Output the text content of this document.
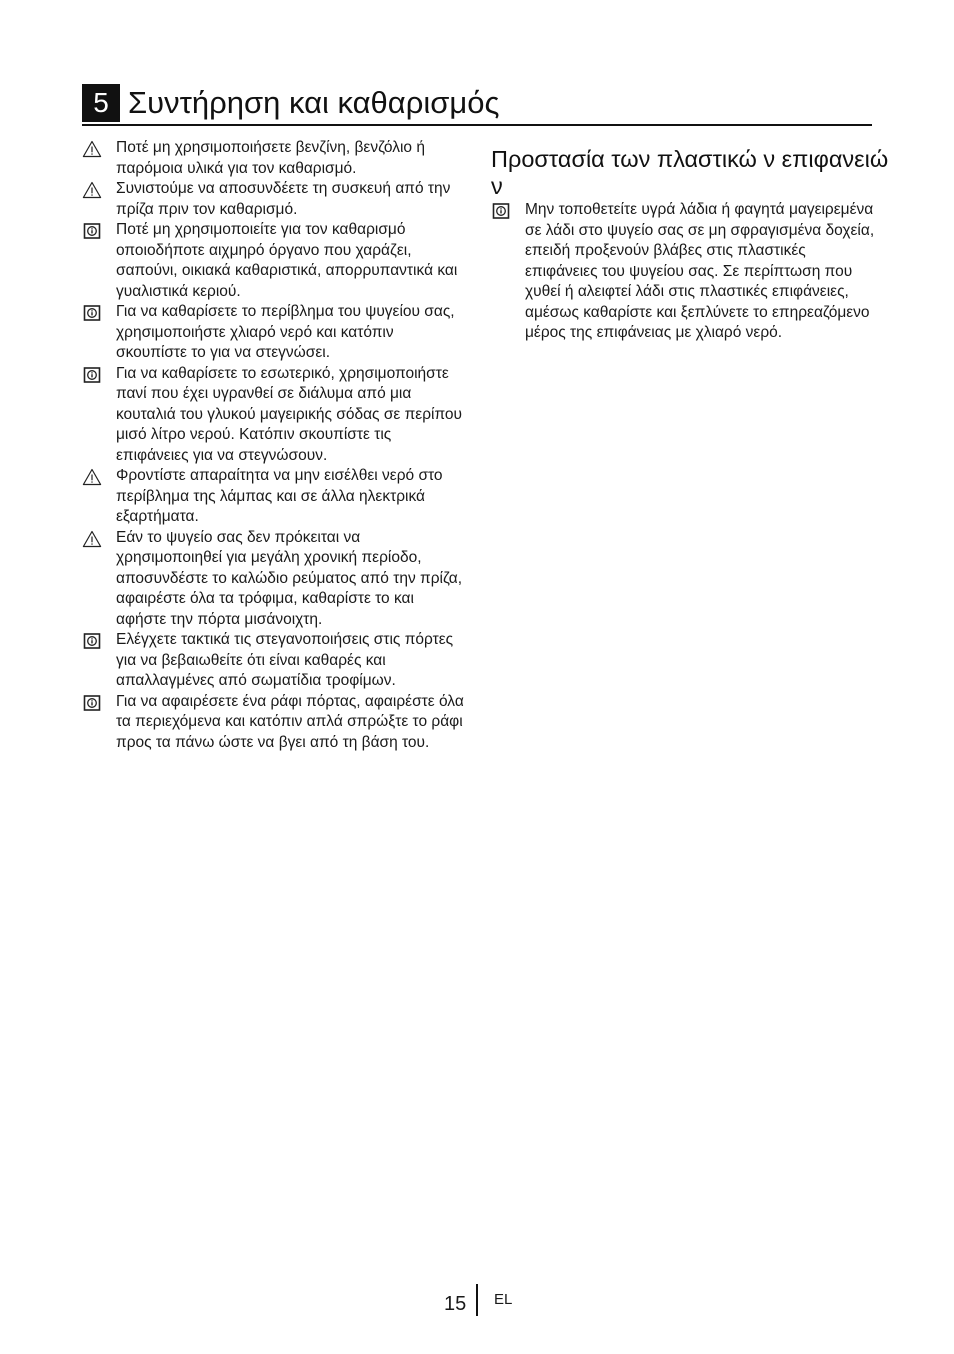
5 Συντήρηση και καθαρισμός
Ποτέ μη χρησιμοποιήσετε βενζίνη, βενζόλιο ή παρόμοια υλικά για τον καθαρισμό.
Συνιστούμε να αποσυνδέετε τη συσκευή από την πρίζα πριν τον καθαρισμό.
Ποτέ μη χρησιμοποιείτε για τον καθαρισμό οποιοδήποτε αιχμηρό όργανο που χαράζει, σαπούνι, οικιακά καθαριστικά, απορρυπαντικά και γυαλιστικά κεριού.
Για να καθαρίσετε το περίβλημα του ψυγείου σας, χρησιμοποιήστε χλιαρό νερό και κατόπιν σκουπίστε το για να στεγνώσει.
Για να καθαρίσετε το εσωτερικό, χρησιμοποιήστε πανί που έχει υγρανθεί σε διάλυμα από μια κουταλιά του γλυκού μαγειρικής σόδας σε περίπου μισό λίτρο νερού. Κατόπιν σκουπίστε τις επιφάνειες για να στεγνώσουν.
Φροντίστε απαραίτητα να μην εισέλθει νερό στο περίβλημα της λάμπας και σε άλλα ηλεκτρικά εξαρτήματα.
Εάν το ψυγείο σας δεν πρόκειται να χρησιμοποιηθεί για μεγάλη χρονική περίοδο, αποσυνδέστε το καλώδιο ρεύματος από την πρίζα, αφαιρέστε όλα τα τρόφιμα, καθαρίστε το και αφήστε την πόρτα μισάνοιχτη.
Ελέγχετε τακτικά τις στεγανοποιήσεις στις πόρτες για να βεβαιωθείτε ότι είναι καθαρές και απαλλαγμένες από σωματίδια τροφίμων.
Για να αφαιρέσετε ένα ράφι πόρτας, αφαιρέστε όλα τα περιεχόμενα και κατόπιν απλά σπρώξτε το ράφι προς τα πάνω ώστε να βγει από τη βάση του.
Προστασία των πλαστικώ ν επιφανειώ ν
Μην τοποθετείτε υγρά λάδια ή φαγητά μαγειρεμένα σε λάδι στο ψυγείο σας σε μη σφραγισμένα δοχεία, επειδή προξενούν βλάβες στις πλαστικές επιφάνειες του ψυγείου σας. Σε περίπτωση που χυθεί ή αλειφτεί λάδι στις πλαστικές επιφάνειες, αμέσως καθαρίστε και ξεπλύνετε το επηρεαζόμενο μέρος της επιφάνειας με χλιαρό νερό.
15 EL
